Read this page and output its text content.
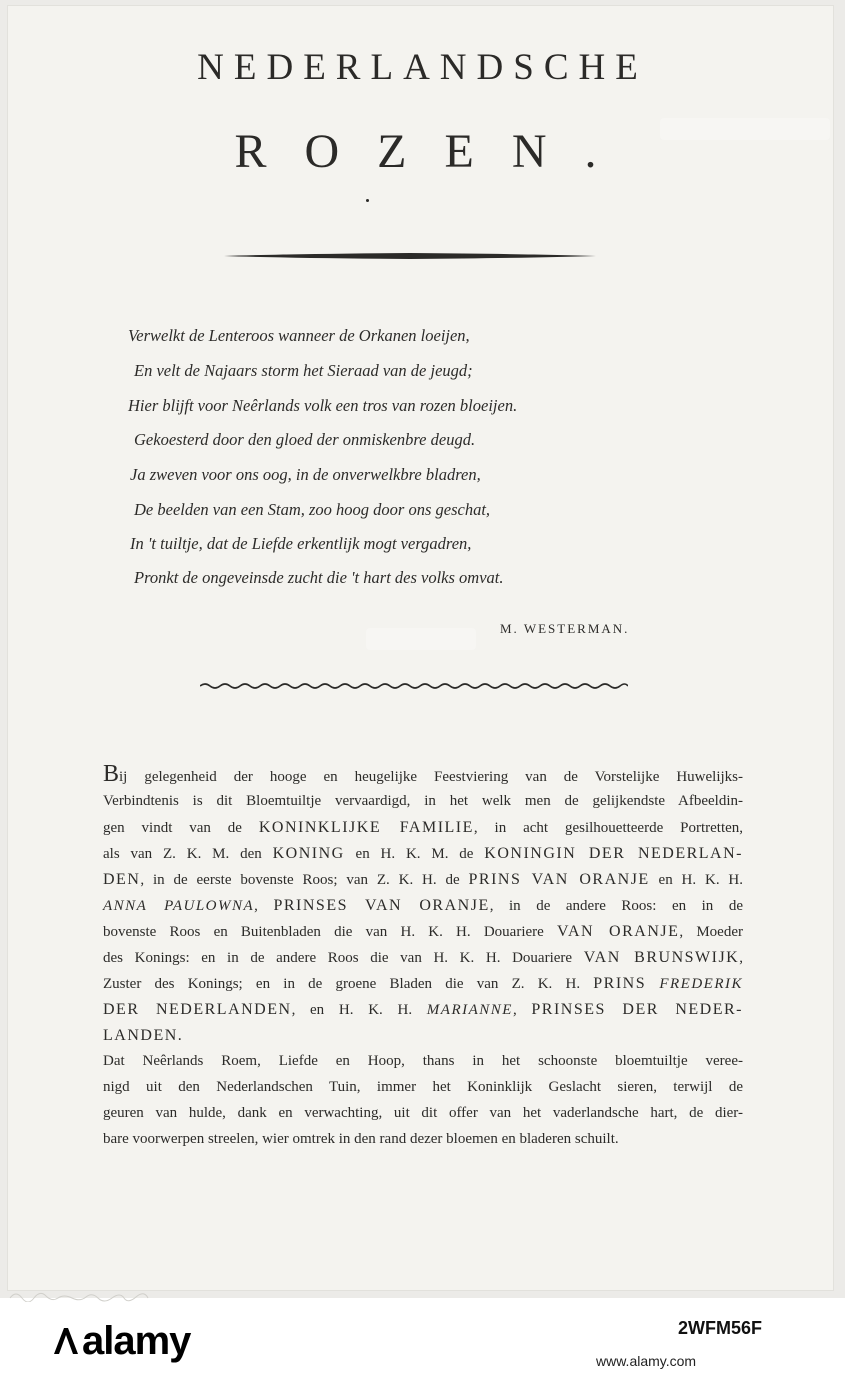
NEDERLANDSCHE
ROZEN.
Verwelkt de Lenteroos wanneer de Orkanen loeijen,
En velt de Najaars storm het Sieraad van de jeugd;
Hier blijft voor Neêrlands volk een tros van rozen bloeijen.
Gekoesterd door den gloed der onmiskenbre deugd.
Ja zweven voor ons oog, in de onverwelkbre bladren,
De beelden van een Stam, zoo hoog door ons geschat,
In 't tuiltje, dat de Liefde erkentlijk mogt vergadren,
Pronkt de ongeveinsde zucht die 't hart des volks omvat.
M. WESTERMAN.
Bij gelegenheid der hooge en heugelijke Feestviering van de Vorstelijke Huwelijks-
Verbindtenis is dit Bloemtuiltje vervaardigd, in het welk men de gelijkendste Afbeeldin-
gen vindt van de KONINKLIJKE FAMILIE, in acht gesilhouetteerde Portretten,
als van Z. K. M. den KONING en H. K. M. de KONINGIN DER NEDERLAN-
DEN, in de eerste bovenste Roos; van Z. K. H. de PRINS VAN ORANJE en H. K. H.
ANNA PAULOWNA, PRINSES VAN ORANJE, in de andere Roos: en in de
bovenste Roos en Buitenbladen die van H. K. H. Douariere VAN ORANJE, Moeder
des Konings: en in de andere Roos die van H. K. H. Douariere VAN BRUNSWIJK,
Zuster des Konings; en in de groene Bladen die van Z. K. H. PRINS FREDERIK
DER NEDERLANDEN, en H. K. H. MARIANNE, PRINSES DER NEDER-
LANDEN.
Dat Neêrlands Roem, Liefde en Hoop, thans in het schoonste bloemtuiltje veree-
nigd uit den Nederlandschen Tuin, immer het Koninklijk Geslacht sieren, terwijl de
geuren van hulde, dank en verwachting, uit dit offer van het vaderlandsche hart, de dier-
bare voorwerpen streelen, wier omtrek in den rand dezer bloemen en bladeren schuilt.
alamy	2WFM56F
www.alamy.com
